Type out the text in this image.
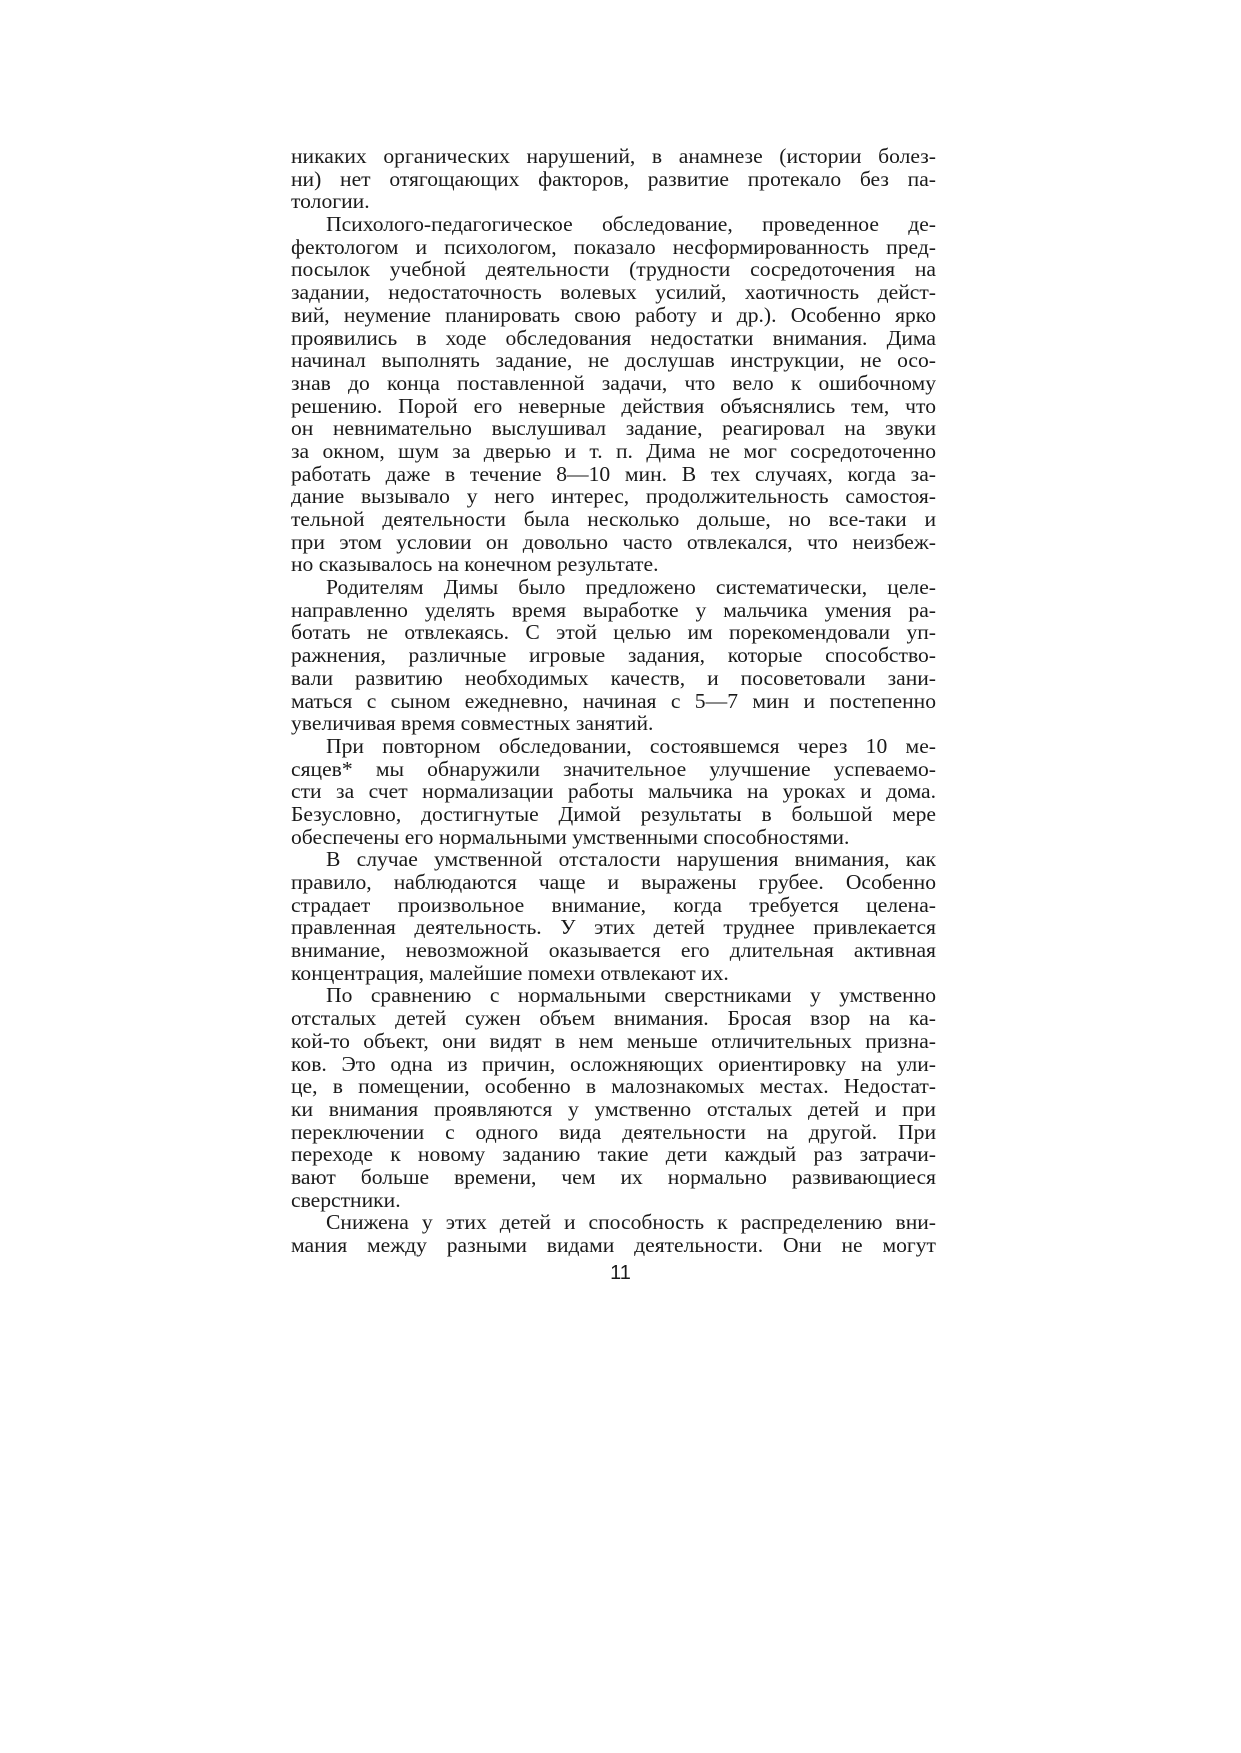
никаких органических нарушений, в анамнезе (истории болез-
ни) нет отягощающих факторов, развитие протекало без па-
тологии.
Психолого-педагогическое обследование, проведенное де-
фектологом и психологом, показало несформированность пред-
посылок учебной деятельности (трудности сосредоточения на
задании, недостаточность волевых усилий, хаотичность дейст-
вий, неумение планировать свою работу и др.). Особенно ярко
проявились в ходе обследования недостатки внимания. Дима
начинал выполнять задание, не дослушав инструкции, не осо-
знав до конца поставленной задачи, что вело к ошибочному
решению. Порой его неверные действия объяснялись тем, что
он невнимательно выслушивал задание, реагировал на звуки
за окном, шум за дверью и т. п. Дима не мог сосредоточенно
работать даже в течение 8—10 мин. В тех случаях, когда за-
дание вызывало у него интерес, продолжительность самостоя-
тельной деятельности была несколько дольше, но все-таки и
при этом условии он довольно часто отвлекался, что неизбеж-
но сказывалось на конечном результате.
Родителям Димы было предложено систематически, целе-
направленно уделять время выработке у мальчика умения ра-
ботать не отвлекаясь. С этой целью им порекомендовали уп-
ражнения, различные игровые задания, которые способство-
вали развитию необходимых качеств, и посоветовали зани-
маться с сыном ежедневно, начиная с 5—7 мин и постепенно
увеличивая время совместных занятий.
При повторном обследовании, состоявшемся через 10 ме-
сяцев* мы обнаружили значительное улучшение успеваемо-
сти за счет нормализации работы мальчика на уроках и дома.
Безусловно, достигнутые Димой результаты в большой мере
обеспечены его нормальными умственными способностями.
В случае умственной отсталости нарушения внимания, как
правило, наблюдаются чаще и выражены грубее. Особенно
страдает произвольное внимание, когда требуется целена-
правленная деятельность. У этих детей труднее привлекается
внимание, невозможной оказывается его длительная активная
концентрация, малейшие помехи отвлекают их.
По сравнению с нормальными сверстниками у умственно
отсталых детей сужен объем внимания. Бросая взор на ка-
кой-то объект, они видят в нем меньше отличительных призна-
ков. Это одна из причин, осложняющих ориентировку на ули-
це, в помещении, особенно в малознакомых местах. Недостат-
ки внимания проявляются у умственно отсталых детей и при
переключении с одного вида деятельности на другой. При
переходе к новому заданию такие дети каждый раз затрачи-
вают больше времени, чем их нормально развивающиеся
сверстники.
Снижена у этих детей и способность к распределению вни-
мания между разными видами деятельности. Они не могут
11
